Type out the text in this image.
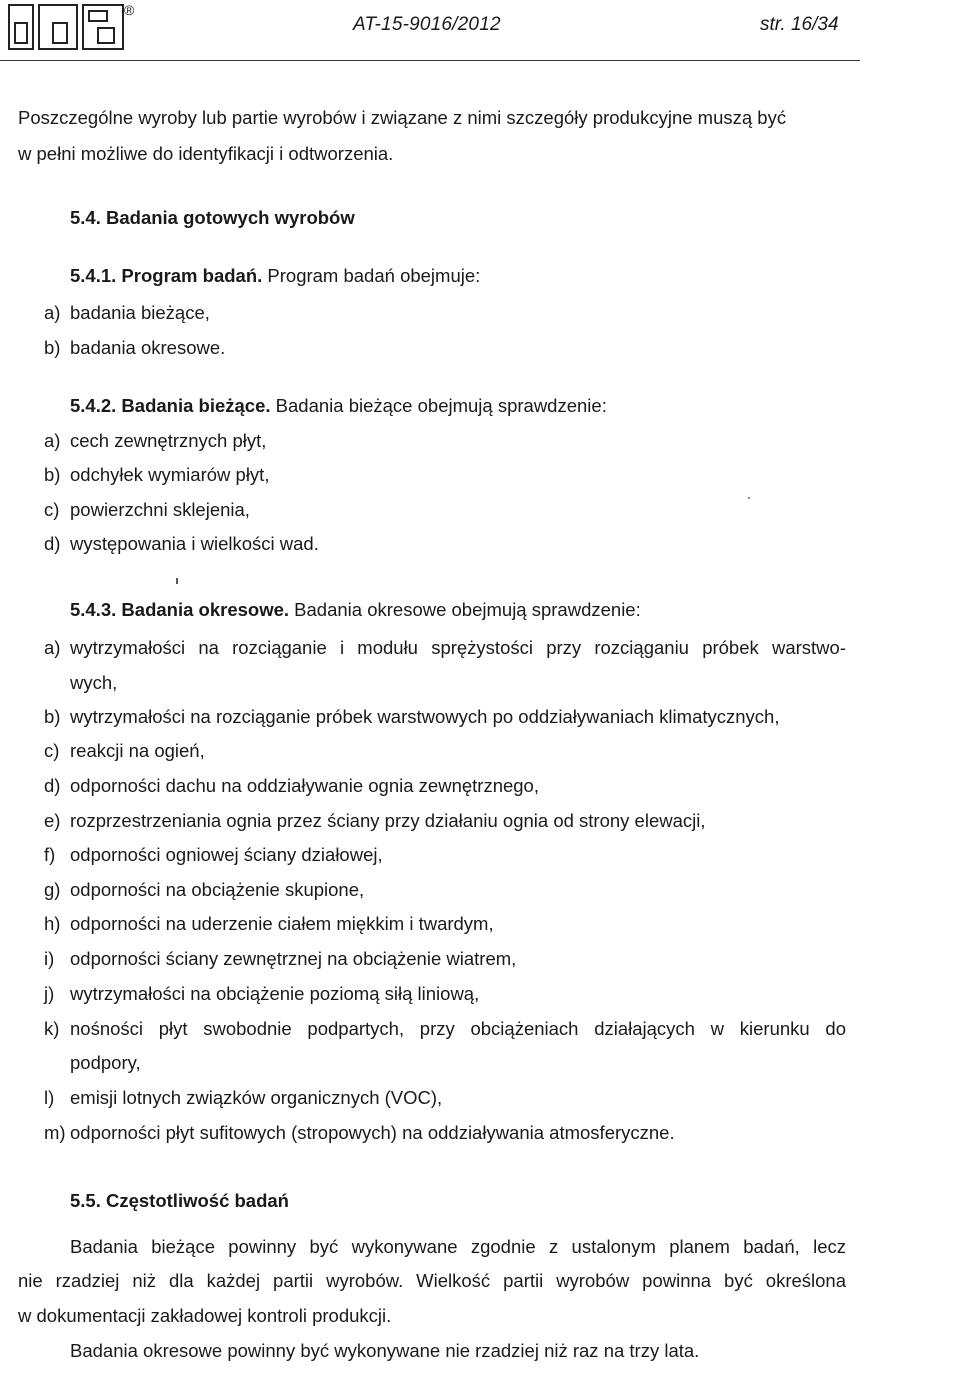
®
AT-15-9016/2012	str. 16/34
Poszczególne wyroby lub partie wyrobów i związane z nimi szczegóły produkcyjne muszą być
w pełni możliwe do identyfikacji i odtworzenia.
5.4. Badania gotowych wyrobów
5.4.1. Program badań. Program badań obejmuje:
a) badania bieżące,
b) badania okresowe.
5.4.2. Badania bieżące. Badania bieżące obejmują sprawdzenie:
a) cech zewnętrznych płyt,
b) odchyłek wymiarów płyt,
c) powierzchni sklejenia,
d) występowania i wielkości wad.
5.4.3. Badania okresowe. Badania okresowe obejmują sprawdzenie:
a) wytrzymałości na rozciąganie i modułu sprężystości przy rozciąganiu próbek warstwo-
wych,
b) wytrzymałości na rozciąganie próbek warstwowych po oddziaływaniach klimatycznych,
c) reakcji na ogień,
d) odporności dachu na oddziaływanie ognia zewnętrznego,
e) rozprzestrzeniania ognia przez ściany przy działaniu ognia od strony elewacji,
f) odporności ogniowej ściany działowej,
g) odporności na obciążenie skupione,
h) odporności na uderzenie ciałem miękkim i twardym,
i) odporności ściany zewnętrznej na obciążenie wiatrem,
j) wytrzymałości na obciążenie poziomą siłą liniową,
k) nośności płyt swobodnie podpartych, przy obciążeniach działających w kierunku do
podpory,
l) emisji lotnych związków organicznych (VOC),
m) odporności płyt sufitowych (stropowych) na oddziaływania atmosferyczne.
5.5. Częstotliwość badań
Badania bieżące powinny być wykonywane zgodnie z ustalonym planem badań, lecz
nie rzadziej niż dla każdej partii wyrobów. Wielkość partii wyrobów powinna być określona
w dokumentacji zakładowej kontroli produkcji.
Badania okresowe powinny być wykonywane nie rzadziej niż raz na trzy lata.
